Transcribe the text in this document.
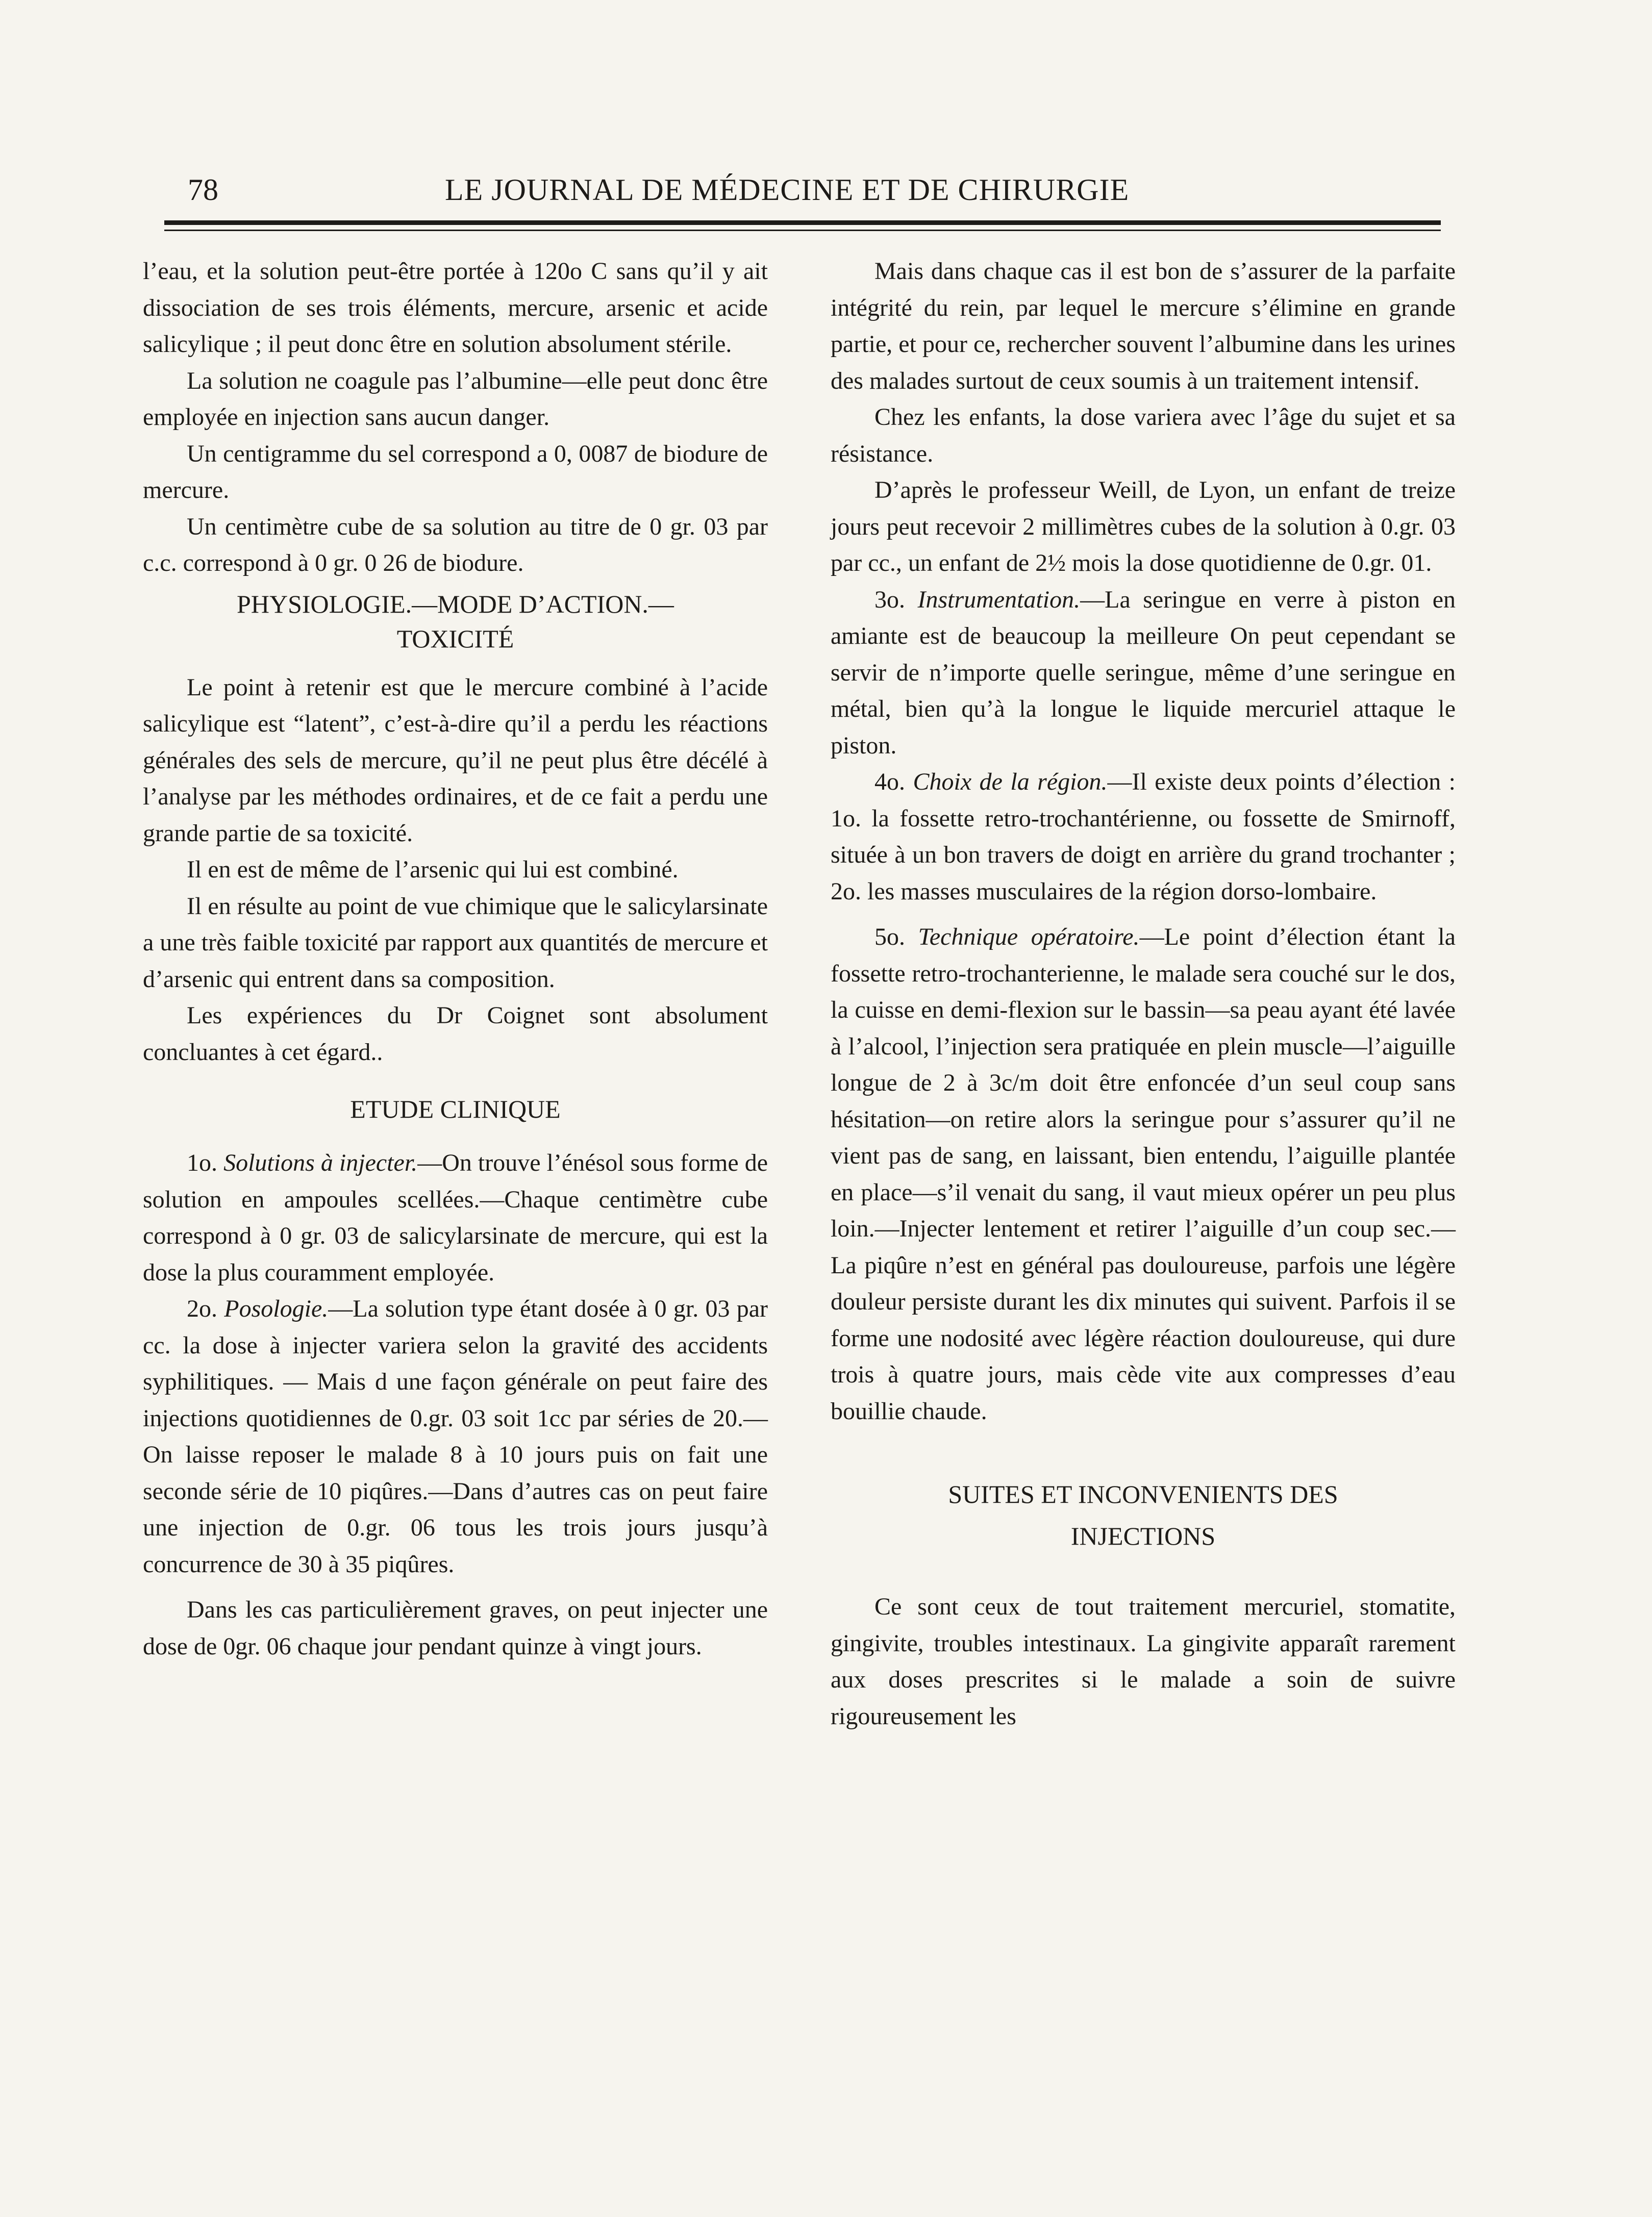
78	LE JOURNAL DE MÉDECINE ET DE CHIRURGIE

l’eau, et la solution peut-être portée à 120o C sans qu’il y ait dissociation de ses trois éléments, mercure, arsenic et acide salicylique ; il peut donc être en solution absolument stérile.

La solution ne coagule pas l’albumine—elle peut donc être employée en injection sans aucun danger.

Un centigramme du sel correspond a 0, 0087 de biodure de mercure.

Un centimètre cube de sa solution au titre de 0 gr. 03 par c.c. correspond à 0 gr. 0 26 de biodure.

PHYSIOLOGIE.—MODE D’ACTION.—
TOXICITÉ

Le point à retenir est que le mercure combiné à l’acide salicylique est “latent”, c’est-à-dire qu’il a perdu les réactions générales des sels de mercure, qu’il ne peut plus être décélé à l’analyse par les méthodes ordinaires, et de ce fait a perdu une grande partie de sa toxicité.

Il en est de même de l’arsenic qui lui est combiné.

Il en résulte au point de vue chimique que le salicylarsinate a une très faible toxicité par rapport aux quantités de mercure et d’arsenic qui entrent dans sa composition.

Les expériences du Dr Coignet sont absolument concluantes à cet égard..

ETUDE CLINIQUE

1o. Solutions à injecter.—On trouve l’énésol sous forme de solution en ampoules scellées.—Chaque centimètre cube correspond à 0 gr. 03 de salicylarsinate de mercure, qui est la dose la plus couramment employée.

2o. Posologie.—La solution type étant dosée à 0 gr. 03 par cc. la dose à injecter variera selon la gravité des accidents syphilitiques. — Mais d une façon générale on peut faire des injections quotidiennes de 0.gr. 03 soit 1cc par séries de 20.—On laisse reposer le malade 8 à 10 jours puis on fait une seconde série de 10 piqûres.—Dans d’autres cas on peut faire une injection de 0.gr. 06 tous les trois jours jusqu’à concurrence de 30 à 35 piqûres.

Dans les cas particulièrement graves, on peut injecter une dose de 0gr. 06 chaque jour pendant quinze à vingt jours.

Mais dans chaque cas il est bon de s’assurer de la parfaite intégrité du rein, par lequel le mercure s’élimine en grande partie, et pour ce, rechercher souvent l’albumine dans les urines des malades surtout de ceux soumis à un traitement intensif.

Chez les enfants, la dose variera avec l’âge du sujet et sa résistance.

D’après le professeur Weill, de Lyon, un enfant de treize jours peut recevoir 2 millimètres cubes de la solution à 0.gr. 03 par cc., un enfant de 2½ mois la dose quotidienne de 0.gr. 01.

3o. Instrumentation.—La seringue en verre à piston en amiante est de beaucoup la meilleure On peut cependant se servir de n’importe quelle seringue, même d’une seringue en métal, bien qu’à la longue le liquide mercuriel attaque le piston.

4o. Choix de la région.—Il existe deux points d’élection : 1o. la fossette retro-trochantérienne, ou fossette de Smirnoff, située à un bon travers de doigt en arrière du grand trochanter ; 2o. les masses musculaires de la région dorso-lombaire.

5o. Technique opératoire.—Le point d’élection étant la fossette retro-trochanterienne, le malade sera couché sur le dos, la cuisse en demi-flexion sur le bassin—sa peau ayant été lavée à l’alcool, l’injection sera pratiquée en plein muscle—l’aiguille longue de 2 à 3c/m doit être enfoncée d’un seul coup sans hésitation—on retire alors la seringue pour s’assurer qu’il ne vient pas de sang, en laissant, bien entendu, l’aiguille plantée en place—s’il venait du sang, il vaut mieux opérer un peu plus loin.—Injecter lentement et retirer l’aiguille d’un coup sec.—La piqûre n’est en général pas douloureuse, parfois une légère douleur persiste durant les dix minutes qui suivent. Parfois il se forme une nodosité avec légère réaction douloureuse, qui dure trois à quatre jours, mais cède vite aux compresses d’eau bouillie chaude.

SUITES ET INCONVENIENTS DES
INJECTIONS

Ce sont ceux de tout traitement mercuriel, stomatite, gingivite, troubles intestinaux. La gingivite apparaît rarement aux doses prescrites si le malade a soin de suivre rigoureusement les
